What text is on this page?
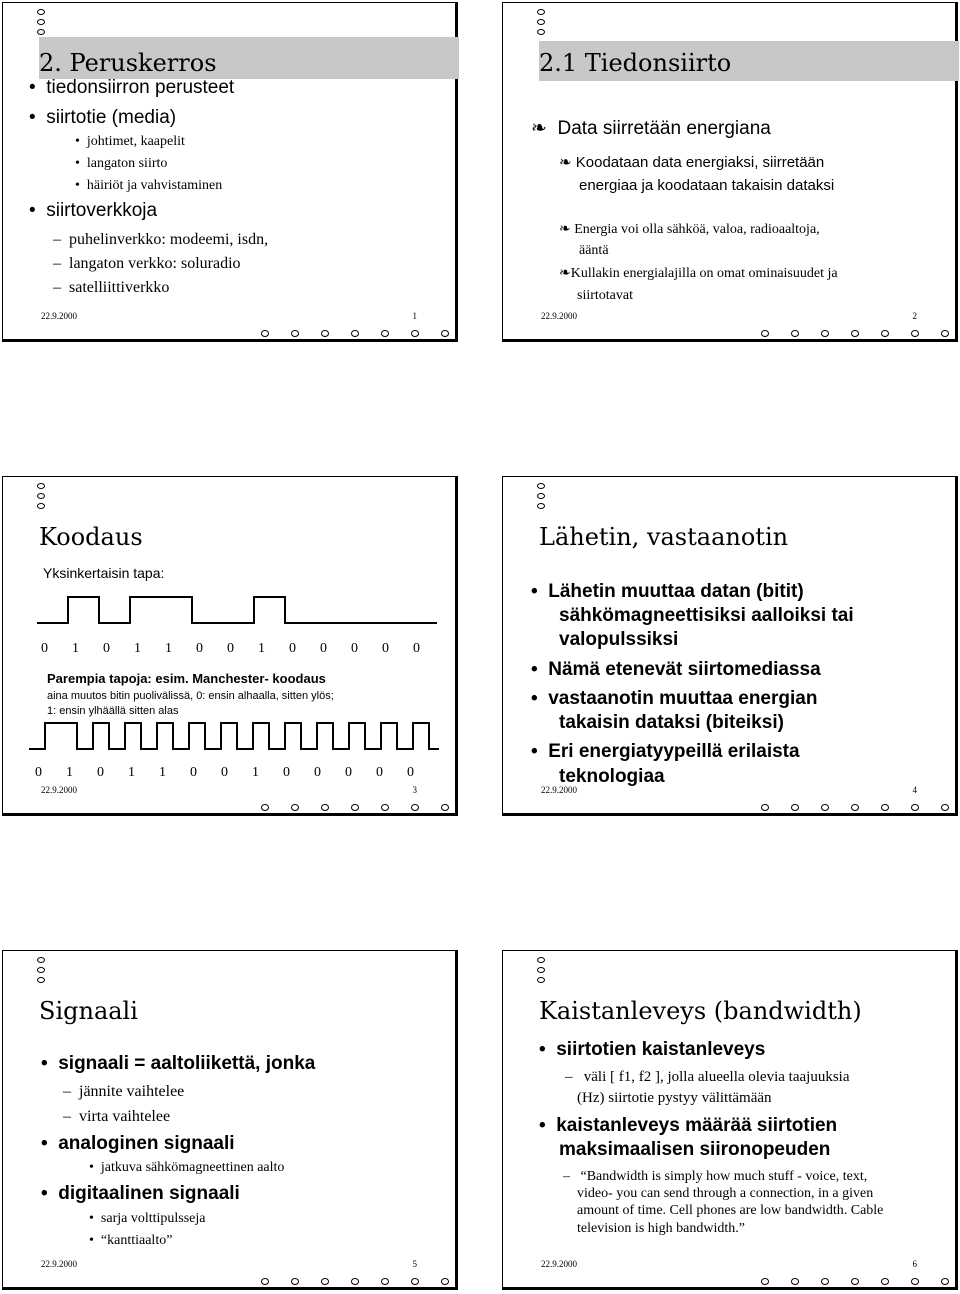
2. Peruskerros
• tiedonsiirron perusteet
• siirtotie (media)
• johtimet, kaapelit
• langaton siirto
• häiriöt ja vahvistaminen
• siirtoverkkoja
– puhelinverkko: modeemi, isdn,
– langaton verkko: soluradio
– satelliittiverkko
22.9.2000	1
2.1 Tiedonsiirto
❧ Data siirretään energiana
❧ Koodataan data energiaksi, siirretään
energiaa ja koodataan takaisin dataksi
❧ Energia voi olla sähköä, valoa, radioaaltoja,
ääntä
❧Kullakin energialajilla on omat ominaisuudet ja
siirtotavat
22.9.2000	2
Koodaus
Yksinkertaisin tapa:
0	1	0	1	1	0	0	1	0	0	0	0	0
Parempia tapoja: esim. Manchester- koodaus
aina muutos bitin puolivälissä, 0: ensin alhaalla, sitten ylös;
1: ensin ylhäällä sitten alas
0	1	0	1	1	0	0	1	0	0	0	0	0
22.9.2000	3
Lähetin, vastaanotin
• Lähetin muuttaa datan (bitit)
sähkömagneettisiksi aalloiksi tai
valopulssiksi
• Nämä etenevät siirtomediassa
• vastaanotin muuttaa energian
takaisin dataksi (biteiksi)
• Eri energiatyypeillä erilaista
teknologiaa
22.9.2000	4
Signaali
• signaali = aaltoliikettä, jonka
– jännite vaihtelee
– virta vaihtelee
• analoginen signaali
• jatkuva sähkömagneettinen aalto
• digitaalinen signaali
• sarja volttipulsseja
• “kanttiaalto”
22.9.2000	5
Kaistanleveys (bandwidth)
• siirtotien kaistanleveys
– väli [ f1, f2 ], jolla alueella olevia taajuuksia
(Hz) siirtotie pystyy välittämään
• kaistanleveys määrää siirtotien
maksimaalisen siironopeuden
– “Bandwidth is simply how much stuff - voice, text,
video- you can send through a connection, in a given
amount of time. Cell phones are low bandwidth. Cable
television is high bandwidth.”
22.9.2000	6
